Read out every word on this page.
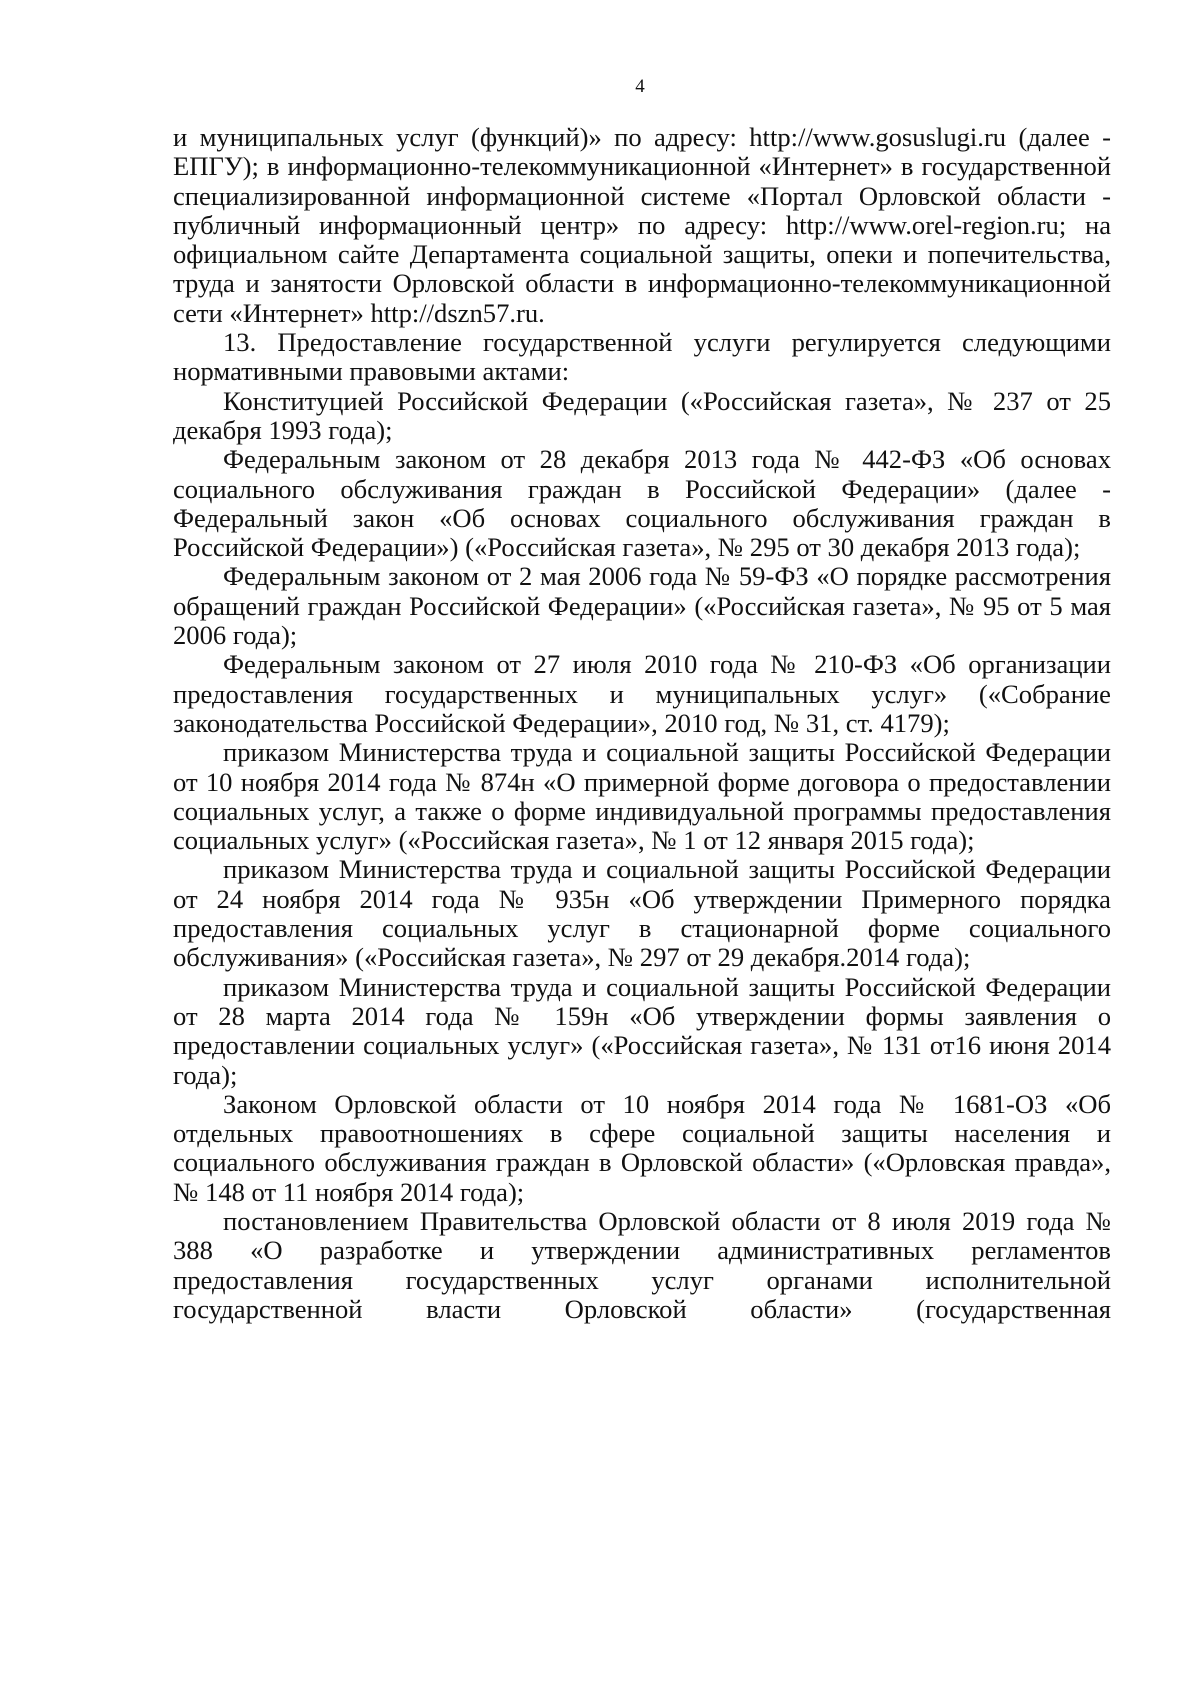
4

и муниципальных услуг (функций)» по адресу: http://www.gosuslugi.ru (далее - ЕПГУ); в информационно-телекоммуникационной «Интернет» в государственной специализированной информационной системе «Портал Орловской области - публичный информационный центр» по адресу: http://www.orel-region.ru; на официальном сайте Департамента социальной защиты, опеки и попечительства, труда и занятости Орловской области в информационно-телекоммуникационной сети «Интернет» http://dszn57.ru.

13. Предоставление государственной услуги регулируется следующими нормативными правовыми актами:

Конституцией Российской Федерации («Российская газета», № 237 от 25 декабря 1993 года);

Федеральным законом от 28 декабря 2013 года № 442-ФЗ «Об основах социального обслуживания граждан в Российской Федерации» (далее - Федеральный закон «Об основах социального обслуживания граждан в Российской Федерации») («Российская газета», № 295 от 30 декабря 2013 года);

Федеральным законом от 2 мая 2006 года № 59-ФЗ «О порядке рассмотрения обращений граждан Российской Федерации» («Российская газета», № 95 от 5 мая 2006 года);

Федеральным законом от 27 июля 2010 года № 210-ФЗ «Об организации предоставления государственных и муниципальных услуг» («Собрание законодательства Российской Федерации», 2010 год, № 31, ст. 4179);

приказом Министерства труда и социальной защиты Российской Федерации от 10 ноября 2014 года № 874н «О примерной форме договора о предоставлении социальных услуг, а также о форме индивидуальной программы предоставления социальных услуг» («Российская газета», № 1 от 12 января 2015 года);

приказом Министерства труда и социальной защиты Российской Федерации от 24 ноября 2014 года № 935н «Об утверждении Примерного порядка предоставления социальных услуг в стационарной форме социального обслуживания» («Российская газета», № 297 от 29 декабря.2014 года);

приказом Министерства труда и социальной защиты Российской Федерации от 28 марта 2014 года № 159н «Об утверждении формы заявления о предоставлении социальных услуг» («Российская газета», № 131 от16 июня 2014 года);

Законом Орловской области от 10 ноября 2014 года № 1681-ОЗ «Об отдельных правоотношениях в сфере социальной защиты населения и социального обслуживания граждан в Орловской области» («Орловская правда», № 148 от 11 ноября 2014 года);

постановлением Правительства Орловской области от 8 июля 2019 года № 388 «О разработке и утверждении административных регламентов предоставления государственных услуг органами исполнительной государственной власти Орловской области» (государственная
